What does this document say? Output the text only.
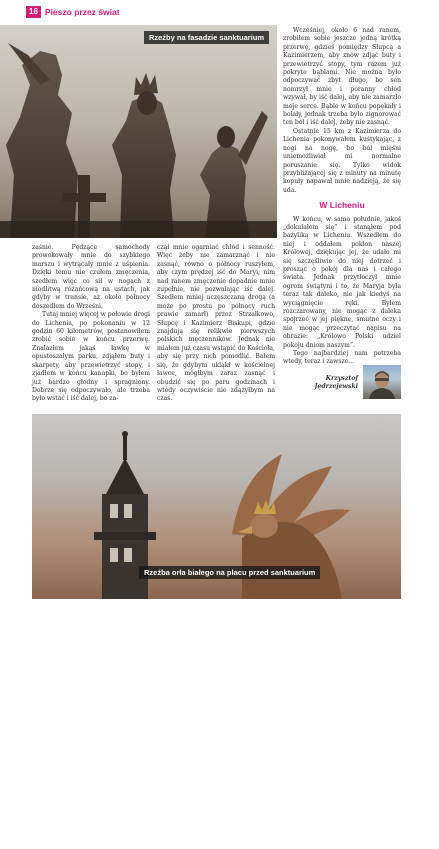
16 Pieszo przez świat
Rzeźby na fasadzie sanktuarium

Wcześniej, około 6 nad ranem, zrobiłem sobie jeszcze jedną krótką przerwę, gdzieś pomiędzy Słupcą a Kazimierzem, aby znów zdjąć buty i przewietrzyć stopy, tym razem już pokryte bąblami. Nie można było odpoczywać zbyt długo, bo sen nomrzył mnie i poranny chłód wzywał, by iść dalej, aby nie zamarzło moje serce. Bąble w końcu popękały i bolały, jednak trzeba było zignorować ten ból i iść dalej, żeby nie zasnąć.

Ostatnie 15 km z Kazimierza do Lichenia pokonywałem kuśtykając, z nogi na nogę, bo ból mięśni uniemożliwiał mi normalne poruszanie się. Tylko widok przybliżającej się z minuty na minutę kopuły napawał mnie nadzieją, że się uda.

W Licheniu

W końcu, w samo południe, jakoś „dokulałem się” i stanąłem pod bazyliką w Licheniu. Wszedłem do niej i oddałem pokłon naszej Królowej, dziękując jej, że udało mi się szczęśliwie do niej dotrzeć i prosząc o pokój dla nas i całego świata. Jednak przytłoczył mnie ogrom świątyni i to, że Maryja była teraz tak daleko, nie jak kiedyś na wyciągnięcie ręki. Byłem rozczarowany, nie mogąc z daleka spojrzeć w jej piękne, smutne oczy i nie mogąc przeczytać napisu na obrazie: „Królowo Polski udziel pokoju dniom naszym”.

Tego najbardziej nam potrzeba wtedy, teraz i zawsze...

Krzysztof
Jędrzejewski

zaśnie. Pędzące samochody prowokowały mnie do szybkiego marszu i wytrącały mnie z uśpienia. Dzięki temu nie czułem zmęczenia, szedłem więc co sił w nogach z modlitwą różańcową na ustach, jak gdyby w transie, aż około północy doszedłem do Wrześni.

Tutaj mniej więcej w połowie drogi do Lichenia, po pokonaniu w 12 godzin 60 kilometrów, postanowiłem zrobić sobie w końcu przerwę. Znalazłem jakąś ławkę w opustoszałym parku, zdjąłem buty i skarpety, aby przewietrzyć stopy, i zjadłem w końcu kanapki, bo byłem już bardzo głodny i spragniony. Dobrze się odpoczywało, ale trzeba było wstać i iść dalej, bo za-

czął mnie ogarniać chłód i senność. Więc żeby nie zamarznąć i nie zasnąć, równo o północy ruszyłem, aby czym prędzej iść do Maryi, nim nad ranem zmęczenie dopadnie mnie zupełnie, nie pozwalając iść dalej. Szedłem mniej uczęszczaną drogą (a może po prostu po północy ruch prawie zamarł) przez Strzałkowo, Słupcę i Kazimierz Biskupi, gdzie znajdują się relikwie pierwszych polskich męczenników. Jednak nie miałem już czasu wstąpić do Kościoła, aby się przy nich pomodlić. Bałem się, że gdybym ukląkł w kościelnej ławce, mógłbym zaraz zasnąć i obudzić się po paru godzinach i wtedy oczywiście nie zdążyłbym na czas.

fotografie K.J. Bisiak
Rzeźba orła białego na placu przed sanktuarium
